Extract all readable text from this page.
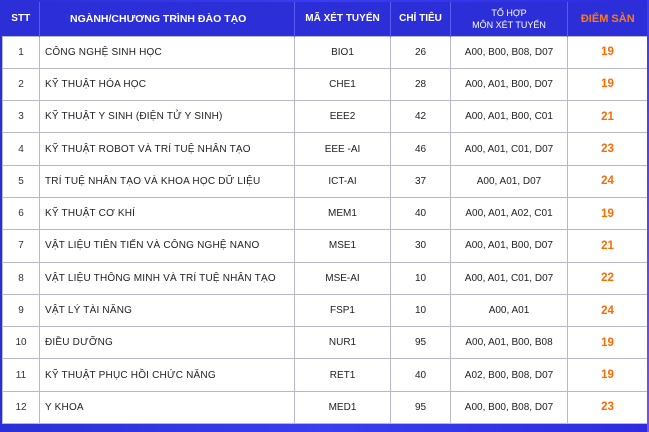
STT	NGÀNH/CHƯƠNG TRÌNH ĐÀO TẠO	MÃ XÉT TUYỂN	CHỈ TIÊU	TỔ HỢP
MÔN XÉT TUYỂN	ĐIỂM SÀN
1	CÔNG NGHỆ SINH HỌC	BIO1	26	A00, B00, B08, D07	19
2	KỸ THUẬT HÓA HỌC	CHE1	28	A00, A01, B00, D07	19
3	KỸ THUẬT Y SINH (ĐIỆN TỬ Y SINH)	EEE2	42	A00, A01, B00, C01	21
4	KỸ THUẬT ROBOT VÀ TRÍ TUỆ NHÂN TẠO	EEE -AI	46	A00, A01, C01, D07	23
5	TRÍ TUỆ NHÂN TẠO VÀ KHOA HỌC DỮ LIỆU	ICT-AI	37	A00, A01, D07	24
6	KỸ THUẬT CƠ KHÍ	MEM1	40	A00, A01, A02, C01	19
7	VẬT LIỆU TIÊN TIẾN VÀ CÔNG NGHỆ NANO	MSE1	30	A00, A01, B00, D07	21
8	VẬT LIỆU THÔNG MINH VÀ TRÍ TUỆ NHÂN TẠO	MSE-AI	10	A00, A01, C01, D07	22
9	VẬT LÝ TÀI NĂNG	FSP1	10	A00, A01	24
10	ĐIỀU DƯỠNG	NUR1	95	A00, A01, B00, B08	19
11	KỸ THUẬT PHỤC HỒI CHỨC NĂNG	RET1	40	A02, B00, B08, D07	19
12	Y KHOA	MED1	95	A00, B00, B08, D07	23
